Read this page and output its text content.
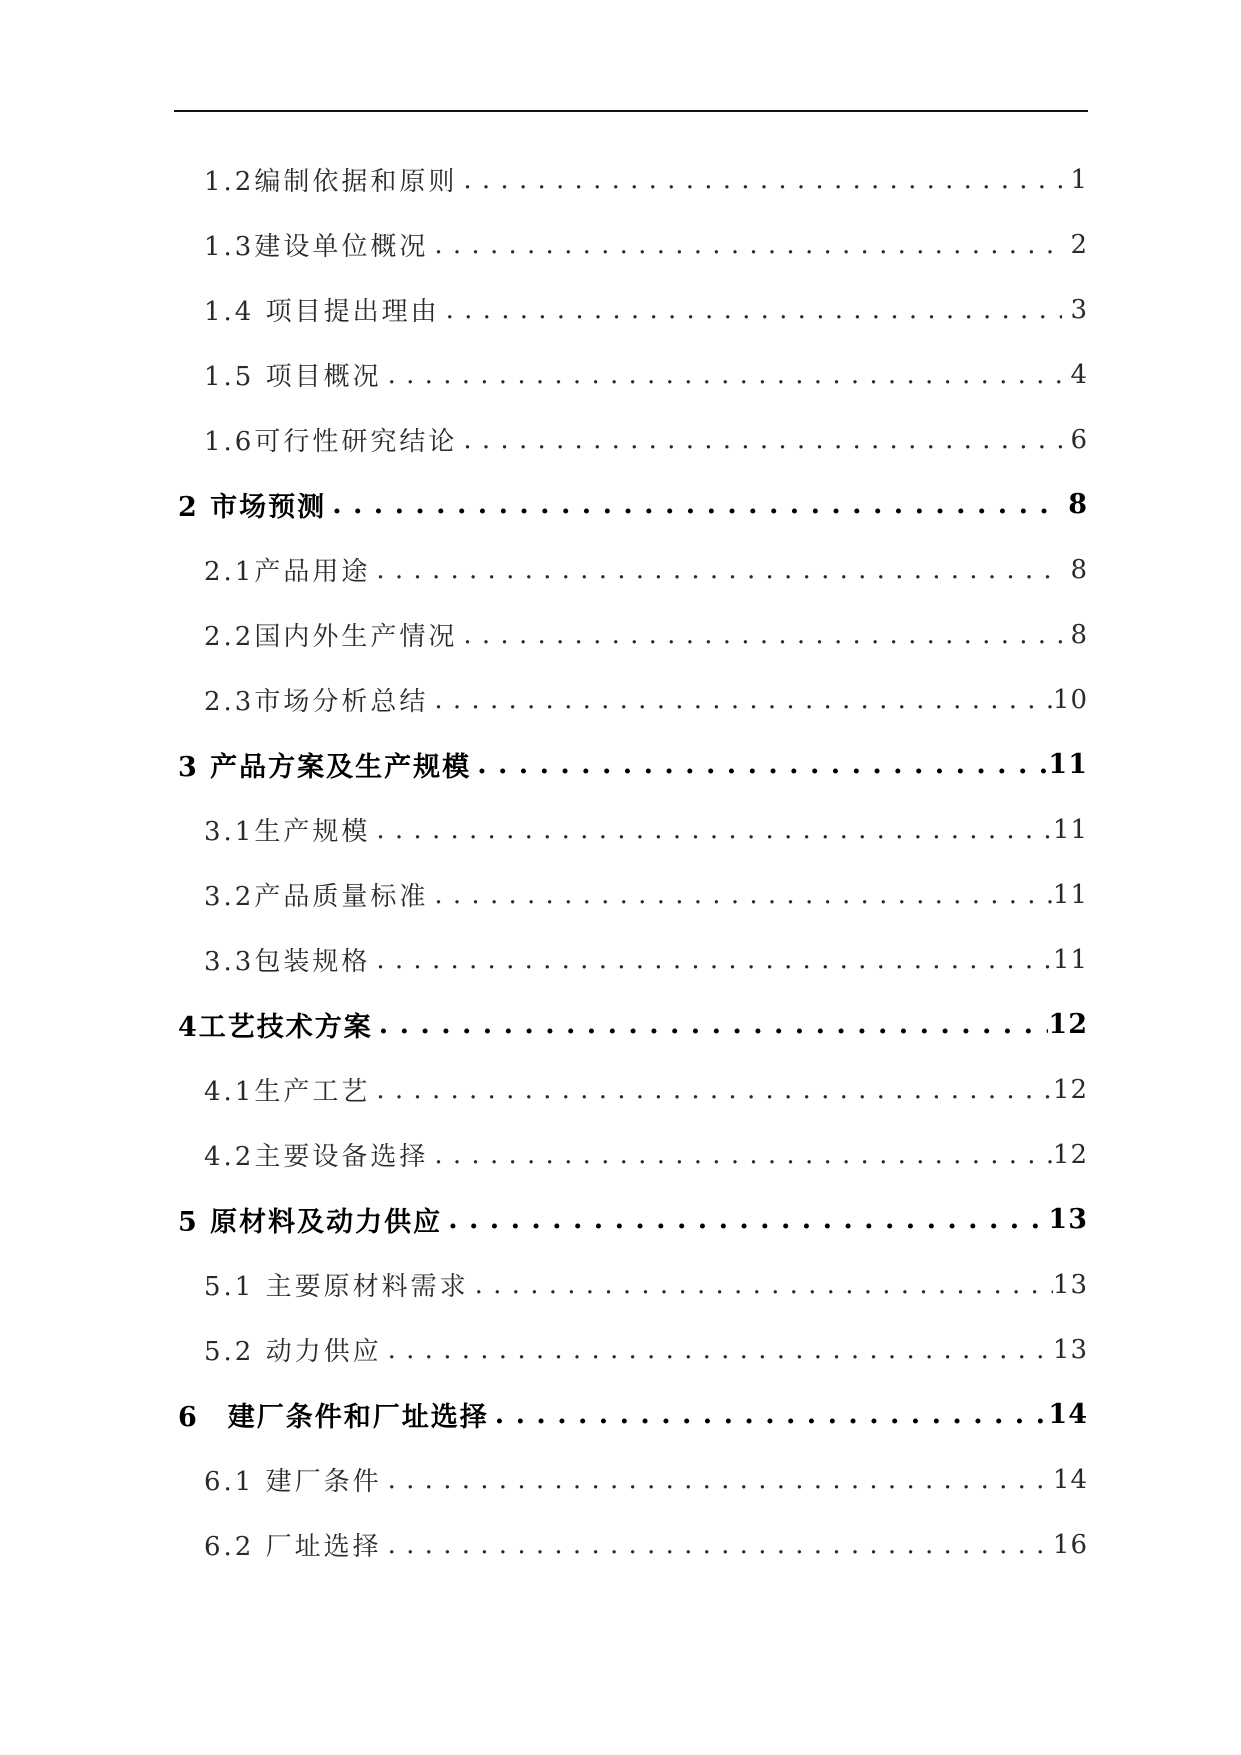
1.2编制依据和原则 . . .	1
1.3建设单位概况 . . .	2
1.4 项目提出理由 . . .	3
1.5 项目概况 . . .	4
1.6可行性研究结论 . . .	6
2 市场预测 . . .	8
2.1产品用途 . . .	8
2.2国内外生产情况 . . .	8
2.3市场分析总结 . . .	10
3 产品方案及生产规模 . . .	11
3.1生产规模 . . .	11
3.2产品质量标准 . . .	11
3.3包装规格 . . .	11
4工艺技术方案 . . .	12
4.1生产工艺 . . .	12
4.2主要设备选择 . . .	12
5 原材料及动力供应 . . .	13
5.1 主要原材料需求 . . .	13
5.2 动力供应 . . .	13
6　建厂条件和厂址选择 . . .	14
6.1 建厂条件 . . .	14
6.2 厂址选择 . . .	16
